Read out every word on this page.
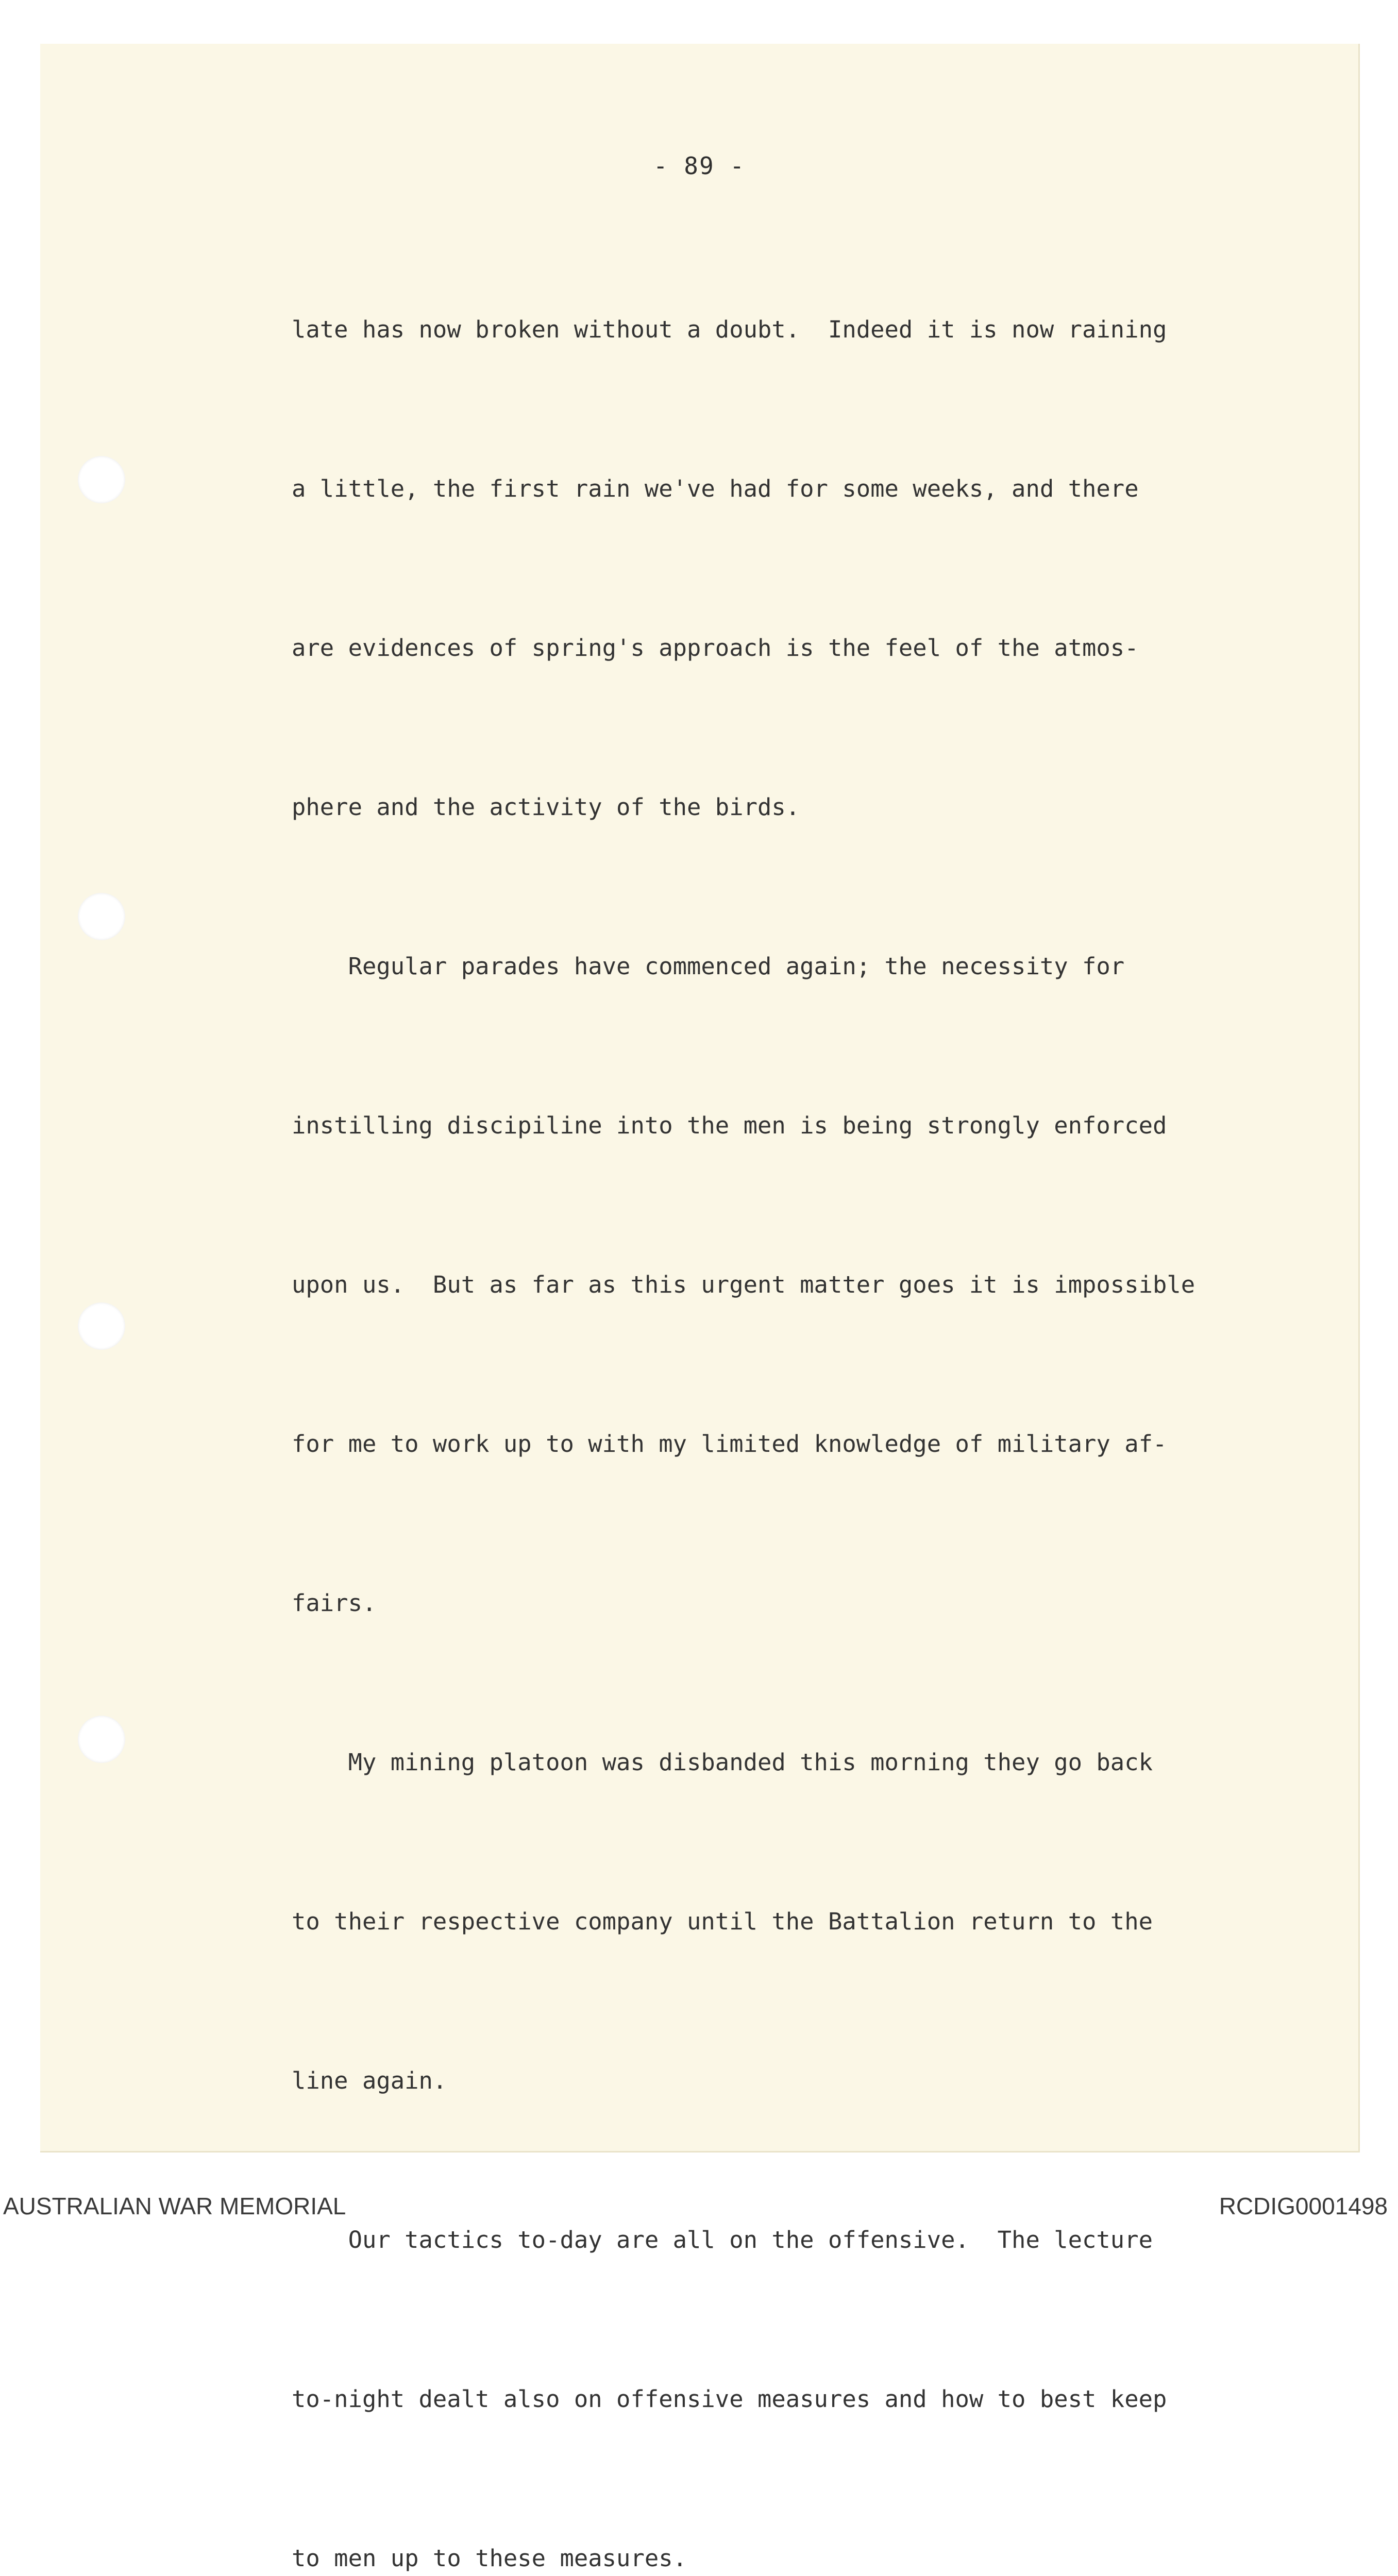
- 89 -

late has now broken without a doubt.  Indeed it is now raining

a little, the first rain we've had for some weeks, and there

are evidences of spring's approach is the feel of the atmos-

phere and the activity of the birds.

Regular parades have commenced again; the necessity for

instilling discipiline into the men is being strongly enforced

upon us.  But as far as this urgent matter goes it is impossible

for me to work up to with my limited knowledge of military af-

fairs.

My mining platoon was disbanded this morning they go back

to their respective company until the Battalion return to the

line again.

Our tactics to-day are all on the offensive.  The lecture

to-night dealt also on offensive measures and how to best keep

to men up to these measures.

AUSTRALIAN WAR MEMORIAL	RCDIG0001498
